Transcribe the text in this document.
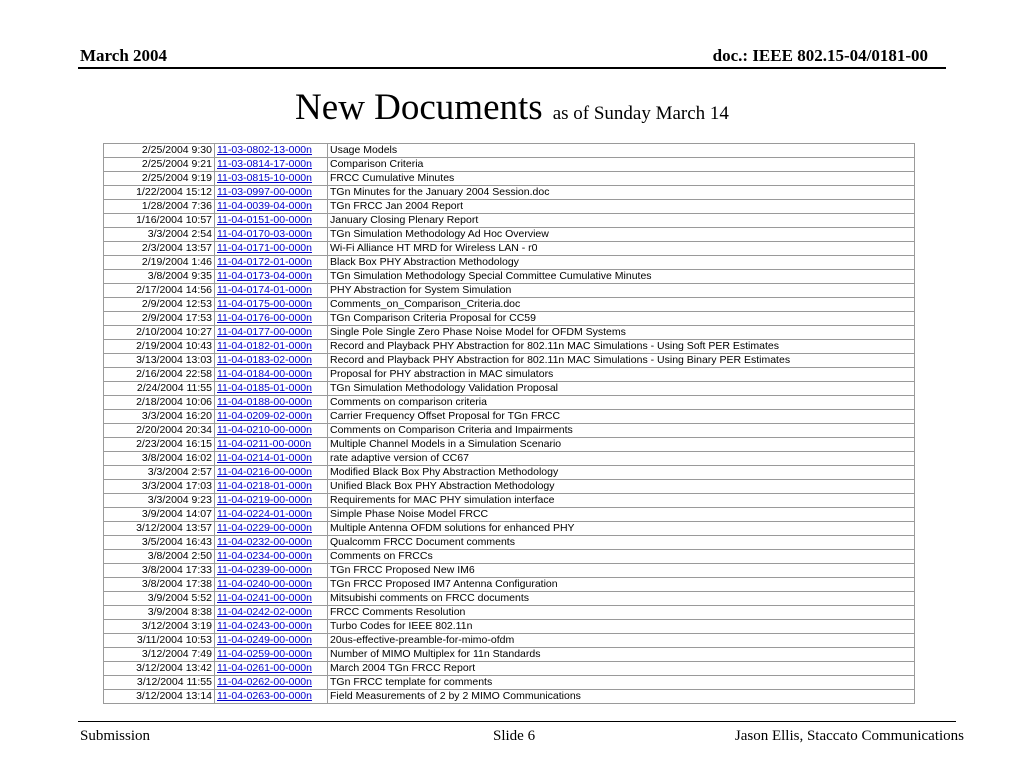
March 2004	doc.: IEEE 802.15-04/0181-00
New Documents as of Sunday March 14
2/25/2004 9:30	11-03-0802-13-000n	Usage Models
2/25/2004 9:21	11-03-0814-17-000n	Comparison Criteria
2/25/2004 9:19	11-03-0815-10-000n	FRCC Cumulative Minutes
1/22/2004 15:12	11-03-0997-00-000n	TGn Minutes for the January 2004 Session.doc
1/28/2004 7:36	11-04-0039-04-000n	TGn FRCC Jan 2004 Report
1/16/2004 10:57	11-04-0151-00-000n	January Closing Plenary Report
3/3/2004 2:54	11-04-0170-03-000n	TGn Simulation Methodology Ad Hoc Overview
2/3/2004 13:57	11-04-0171-00-000n	Wi-Fi Alliance HT MRD for Wireless LAN - r0
2/19/2004 1:46	11-04-0172-01-000n	Black Box PHY Abstraction Methodology
3/8/2004 9:35	11-04-0173-04-000n	TGn Simulation Methodology Special Committee Cumulative Minutes
2/17/2004 14:56	11-04-0174-01-000n	PHY Abstraction for System Simulation
2/9/2004 12:53	11-04-0175-00-000n	Comments_on_Comparison_Criteria.doc
2/9/2004 17:53	11-04-0176-00-000n	TGn Comparison Criteria Proposal for CC59
2/10/2004 10:27	11-04-0177-00-000n	Single Pole Single Zero Phase Noise Model for OFDM Systems
2/19/2004 10:43	11-04-0182-01-000n	Record and Playback PHY Abstraction for 802.11n MAC Simulations - Using Soft PER Estimates
3/13/2004 13:03	11-04-0183-02-000n	Record and Playback PHY Abstraction for 802.11n MAC Simulations - Using Binary PER Estimates
2/16/2004 22:58	11-04-0184-00-000n	Proposal for PHY abstraction in MAC simulators
2/24/2004 11:55	11-04-0185-01-000n	TGn Simulation Methodology Validation Proposal
2/18/2004 10:06	11-04-0188-00-000n	Comments on comparison criteria
3/3/2004 16:20	11-04-0209-02-000n	Carrier Frequency Offset Proposal for TGn FRCC
2/20/2004 20:34	11-04-0210-00-000n	Comments on Comparison Criteria and Impairments
2/23/2004 16:15	11-04-0211-00-000n	Multiple Channel Models in a Simulation Scenario
3/8/2004 16:02	11-04-0214-01-000n	rate adaptive version of CC67
3/3/2004 2:57	11-04-0216-00-000n	Modified Black Box Phy Abstraction Methodology
3/3/2004 17:03	11-04-0218-01-000n	Unified Black Box PHY Abstraction Methodology
3/3/2004 9:23	11-04-0219-00-000n	Requirements for MAC PHY simulation interface
3/9/2004 14:07	11-04-0224-01-000n	Simple Phase Noise Model FRCC
3/12/2004 13:57	11-04-0229-00-000n	Multiple Antenna OFDM solutions for enhanced PHY
3/5/2004 16:43	11-04-0232-00-000n	Qualcomm FRCC Document comments
3/8/2004 2:50	11-04-0234-00-000n	Comments on FRCCs
3/8/2004 17:33	11-04-0239-00-000n	TGn FRCC Proposed New IM6
3/8/2004 17:38	11-04-0240-00-000n	TGn FRCC Proposed IM7 Antenna Configuration
3/9/2004 5:52	11-04-0241-00-000n	Mitsubishi comments on FRCC documents
3/9/2004 8:38	11-04-0242-02-000n	FRCC Comments Resolution
3/12/2004 3:19	11-04-0243-00-000n	Turbo Codes for IEEE 802.11n
3/11/2004 10:53	11-04-0249-00-000n	20us-effective-preamble-for-mimo-ofdm
3/12/2004 7:49	11-04-0259-00-000n	Number of MIMO Multiplex for 11n Standards
3/12/2004 13:42	11-04-0261-00-000n	March 2004 TGn FRCC Report
3/12/2004 11:55	11-04-0262-00-000n	TGn FRCC template for comments
3/12/2004 13:14	11-04-0263-00-000n	Field Measurements of 2 by 2 MIMO Communications
Submission	Slide 6	Jason Ellis, Staccato Communications
